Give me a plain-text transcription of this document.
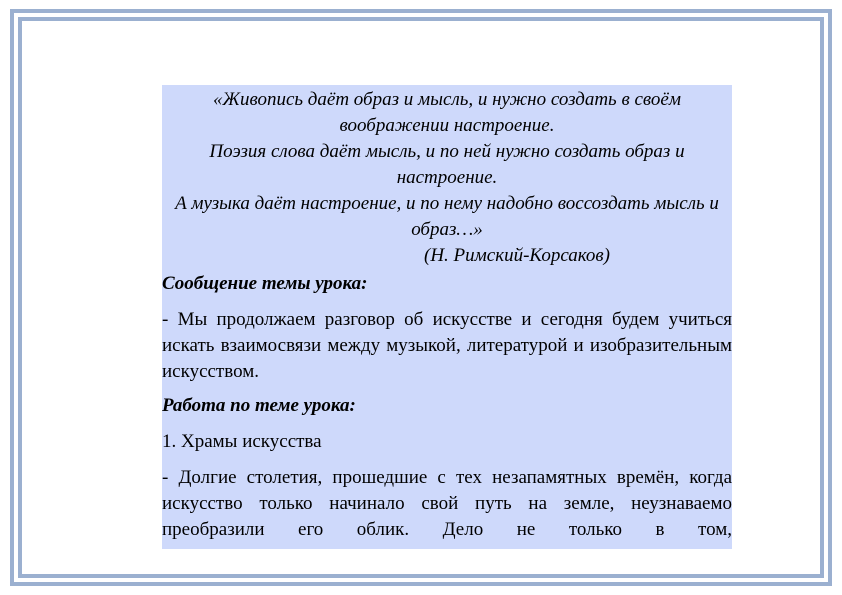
«Живопись даёт образ и мысль, и нужно создать в своём воображении настроение.
Поэзия слова даёт мысль, и по ней нужно создать образ и настроение.
А музыка даёт настроение, и по нему надобно воссоздать мысль и образ…»
(Н. Римский-Корсаков)
Сообщение темы урока:
- Мы продолжаем разговор об искусстве и сегодня будем учиться искать взаимосвязи между музыкой, литературой и изобразительным искусством.
Работа по теме урока:
1. Храмы искусства
- Долгие столетия, прошедшие с тех незапамятных времён, когда искусство только начинало свой путь на земле, неузнаваемо преобразили его облик. Дело не только в том,
